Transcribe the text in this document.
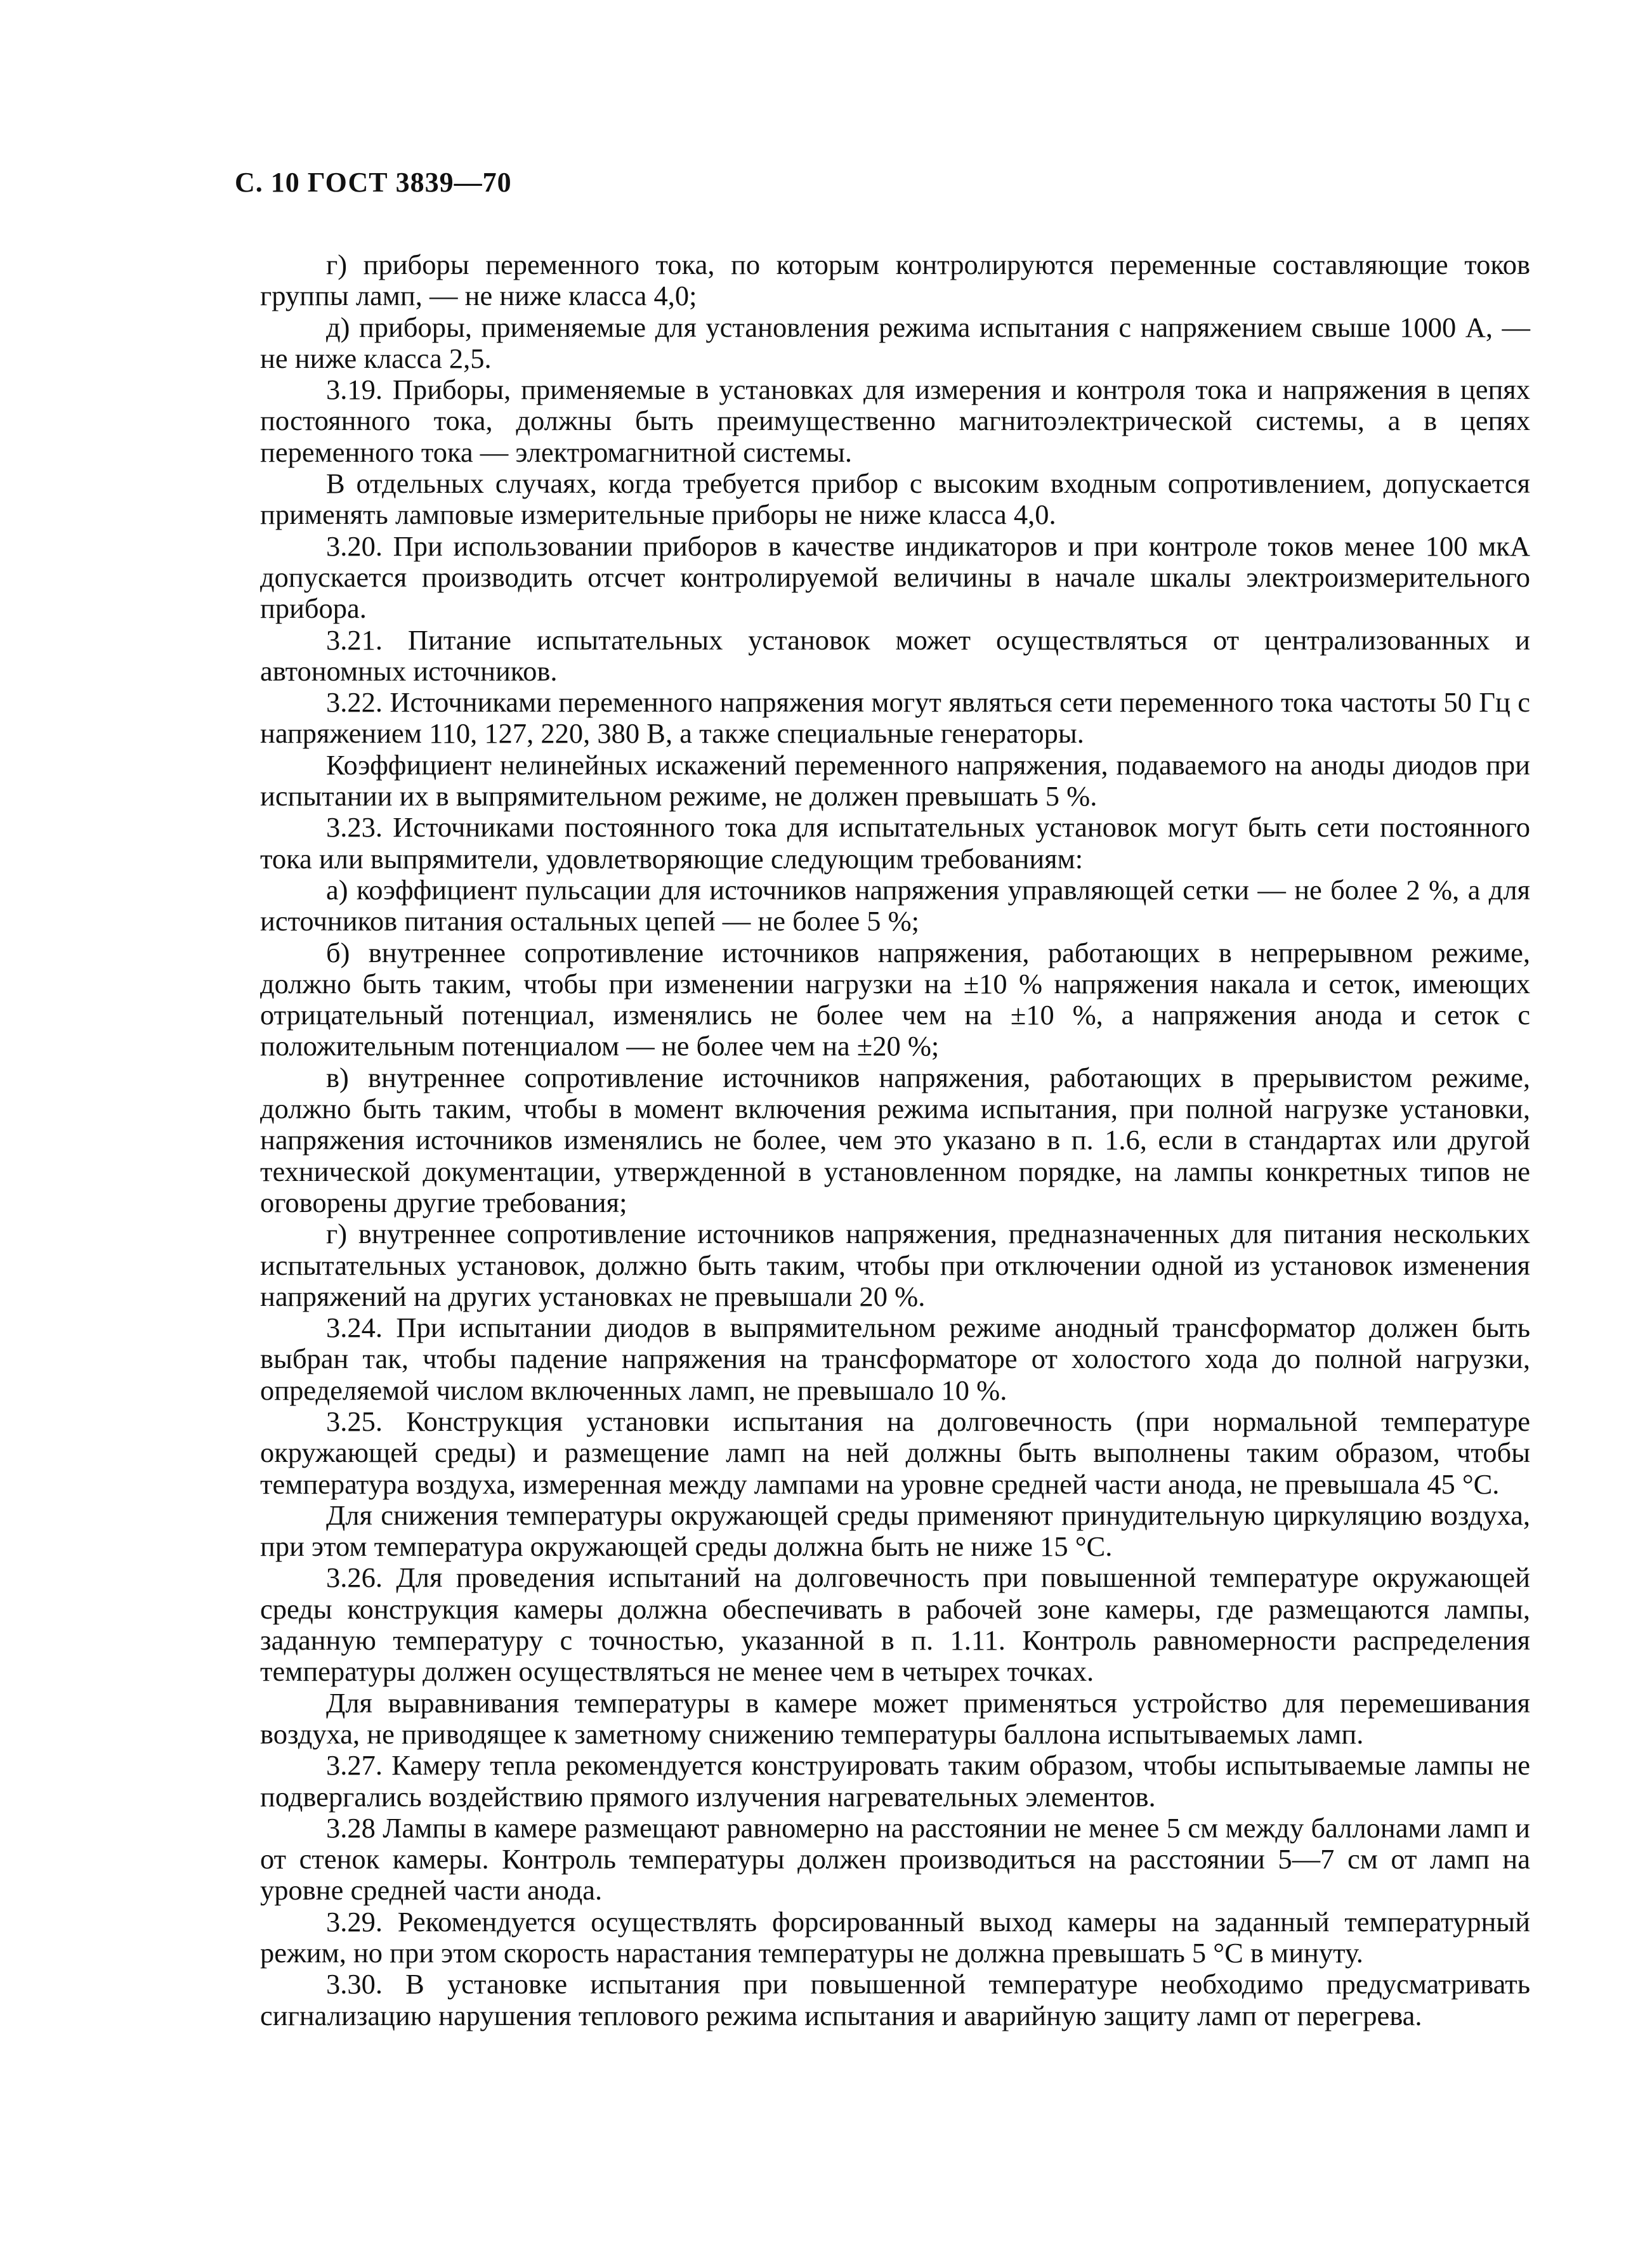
С. 10 ГОСТ 3839—70

г) приборы переменного тока, по которым контролируются переменные составляющие токов группы ламп, — не ниже класса 4,0;

д) приборы, применяемые для установления режима испытания с напряжением свыше 1000 А, — не ниже класса 2,5.

3.19. Приборы, применяемые в установках для измерения и контроля тока и напряжения в цепях постоянного тока, должны быть преимущественно магнитоэлектрической системы, а в цепях переменного тока — электромагнитной системы.

В отдельных случаях, когда требуется прибор с высоким входным сопротивлением, допускается применять ламповые измерительные приборы не ниже класса 4,0.

3.20. При использовании приборов в качестве индикаторов и при контроле токов менее 100 мкА допускается производить отсчет контролируемой величины в начале шкалы электроизмерительного прибора.

3.21. Питание испытательных установок может осуществляться от централизованных и автономных источников.

3.22. Источниками переменного напряжения могут являться сети переменного тока частоты 50 Гц с напряжением 110, 127, 220, 380 В, а также специальные генераторы.

Коэффициент нелинейных искажений переменного напряжения, подаваемого на аноды диодов при испытании их в выпрямительном режиме, не должен превышать 5 %.

3.23. Источниками постоянного тока для испытательных установок могут быть сети постоянного тока или выпрямители, удовлетворяющие следующим требованиям:

а) коэффициент пульсации для источников напряжения управляющей сетки — не более 2 %, а для источников питания остальных цепей — не более 5 %;

б) внутреннее сопротивление источников напряжения, работающих в непрерывном режиме, должно быть таким, чтобы при изменении нагрузки на ±10 % напряжения накала и сеток, имеющих отрицательный потенциал, изменялись не более чем на ±10 %, а напряжения анода и сеток с положительным потенциалом — не более чем на ±20 %;

в) внутреннее сопротивление источников напряжения, работающих в прерывистом режиме, должно быть таким, чтобы в момент включения режима испытания, при полной нагрузке установки, напряжения источников изменялись не более, чем это указано в п. 1.6, если в стандартах или другой технической документации, утвержденной в установленном порядке, на лампы конкретных типов не оговорены другие требования;

г) внутреннее сопротивление источников напряжения, предназначенных для питания нескольких испытательных установок, должно быть таким, чтобы при отключении одной из установок изменения напряжений на других установках не превышали 20 %.

3.24. При испытании диодов в выпрямительном режиме анодный трансформатор должен быть выбран так, чтобы падение напряжения на трансформаторе от холостого хода до полной нагрузки, определяемой числом включенных ламп, не превышало 10 %.

3.25. Конструкция установки испытания на долговечность (при нормальной температуре окружающей среды) и размещение ламп на ней должны быть выполнены таким образом, чтобы температура воздуха, измеренная между лампами на уровне средней части анода, не превышала 45 °С.

Для снижения температуры окружающей среды применяют принудительную циркуляцию воздуха, при этом температура окружающей среды должна быть не ниже 15 °С.

3.26. Для проведения испытаний на долговечность при повышенной температуре окружающей среды конструкция камеры должна обеспечивать в рабочей зоне камеры, где размещаются лампы, заданную температуру с точностью, указанной в п. 1.11. Контроль равномерности распределения температуры должен осуществляться не менее чем в четырех точках.

Для выравнивания температуры в камере может применяться устройство для перемешивания воздуха, не приводящее к заметному снижению температуры баллона испытываемых ламп.

3.27. Камеру тепла рекомендуется конструировать таким образом, чтобы испытываемые лампы не подвергались воздействию прямого излучения нагревательных элементов.

3.28 Лампы в камере размещают равномерно на расстоянии не менее 5 см между баллонами ламп и от стенок камеры. Контроль температуры должен производиться на расстоянии 5—7 см от ламп на уровне средней части анода.

3.29. Рекомендуется осуществлять форсированный выход камеры на заданный температурный режим, но при этом скорость нарастания температуры не должна превышать 5 °С в минуту.

3.30. В установке испытания при повышенной температуре необходимо предусматривать сигнализацию нарушения теплового режима испытания и аварийную защиту ламп от перегрева.
